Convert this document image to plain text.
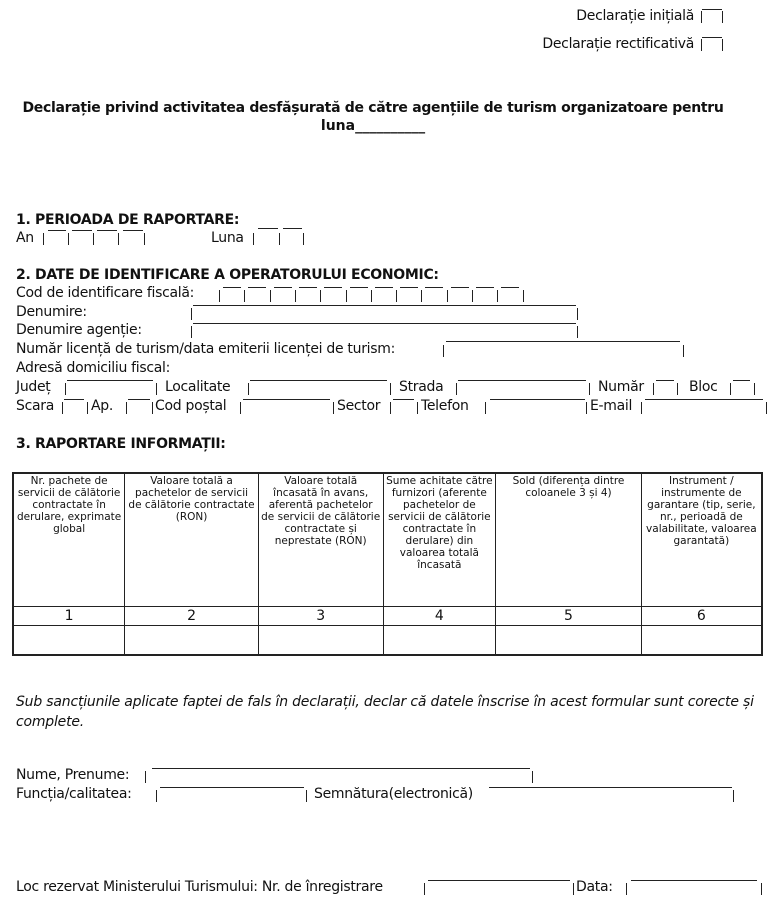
Declarație inițială
Declarație rectificativă
Declarație privind activitatea desfășurată de către agențiile de turism organizatoare pentru
luna__________
1. PERIOADA DE RAPORTARE:
An	Luna
2. DATE DE IDENTIFICARE A OPERATORULUI ECONOMIC:
Cod de identificare fiscală:
Denumire:
Denumire agenție:
Număr licență de turism/data emiterii licenței de turism:
Adresă domiciliu fiscal:
Județ	Localitate	Strada	Număr	Bloc
Scara	Ap.	Cod poștal	Sector	Telefon	E-mail
3. RAPORTARE INFORMAȚII:
Nr. pachete de servicii de călătorie contractate în derulare, exprimate global	Valoare totală a pachetelor de servicii de călătorie contractate (RON)	Valoare totală încasată în avans, aferentă pachetelor de servicii de călătorie contractate și neprestate (RON)	Sume achitate către furnizori (aferente pachetelor de servicii de călătorie contractate în derulare) din valoarea totală încasată	Sold (diferența dintre coloanele 3 și 4)	Instrument / instrumente de garantare (tip, serie, nr., perioadă de valabilitate, valoarea garantată)
1	2	3	4	5	6

Sub sancțiunile aplicate faptei de fals în declarații, declar că datele înscrise în acest formular sunt corecte și complete.
Nume, Prenume:
Funcția/calitatea:	Semnătura(electronică)
Loc rezervat Ministerului Turismului: Nr. de înregistrare	Data:
